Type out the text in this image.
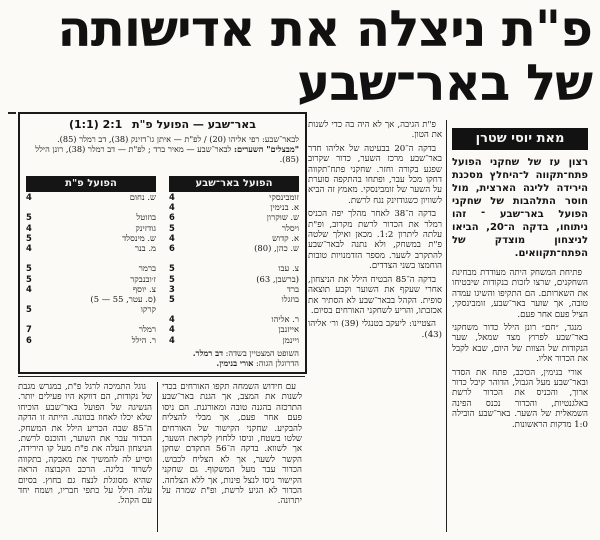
פ"ת ניצלה את אדישותה
של באר־שבע
מאת יוסי שטרן
רצון עז של שחקני הפועל פתח־תקווה ל־היחלץ מסכנת הירידה לליגה הארצית, מול חוסר התלהבות של שחקני הפועל באר־שבע ־ זהו ניתוחו, בדקה ה־20, הביאו לניצחון מוצדק של הפתח־תקוואים.

פתיחת המשחק היתה מעודדת מבחינת השחקנים, שרצו לזכות בנקודות שיבטיחו את השארותם. הם התקיפו והשיגו עמדה טובה, אך שוער באר־שבע, זומבינסקי, הציל פעם אחר פעם.

מנגד, ״חם״ רונן הילל כדור משחקני באר־שבע לפרוץ מצד שמאל, שער הנקודות של הצוות של היום, שבא לקבל את הכדור אליו.

אורי בנימין, הכוכב, פתח את הסדר ובאר־שבע מעל הגבול, הדוהר קיבל כדור ארוך, והכניס את הכדור לרשת באלגנטיות, והכדור נכנס הפינה השמאלית של השער. באר־שבע הובילה 1:0 מדקות הראשונות.

פ"ת הגיבה, אך לא היה בה כדי לשנות את הטון.

בדקה ה־20 בבעיטה של אליהו חדר באר־שבע מרכז השער, כדור שקרוב שפגע בקורה וחזר. שחקני פתח־תקווה דחקו מכל עבר, ופתחו בהתקפה סוערת על השער של זומבינסקי. מאמץ זה הביא לשוויון כשגודזינק נגח לרשת.

בדקה ה־38 לאחר מהלך יפה הכניס רמלר את הכדור לרשת מקרוב, ופ"ת עלתה ליתרון 1:2. מכאן ואילך שלטה פ"ת במשחק, ולא נתנה לבאר־שבע להתקרב לשער. מספר הזדמנויות טובות הוחמצו בשני הצדדים.

בדקה ה־85 הבטיח הילל את הניצחון, אחרי שעקף את השוער וקבע תוצאה סופית. הקהל בבאר־שבע לא הסתיר את אכזבתו, והריע לשחקני האורחים בסיום.

הצטיינו: ליעקב בטנגלי (39) ור׳ אליהו (43).

באר־שבע — הפועל פ"ת 2:1 (1:1)
לבאר־שבע: רפי אליהו (20) / לפ"ת — איתן גו־דזינק (38), דב רמלר (85).
"מבצלים" השערים: לבאר־שבע — מאיר ברד ; לפ"ת — דב רמלר (38), רונן הילל (85).
הפועל באר־שבע
זומבינסקי
4
א. בנימין
4
ש. שוקרון
6
ויסלר
5
א. קדוש
4
ש. כהן, (80)
6
צ. עבו
5
(ברשבן, 63)
5
ברד
3
בוזגלו
5
ר. אליהו
4
אייזנבן
4
ויינמן
4
הפועל פ"ת
ש. נחום
4
בוזוטל
5
גודזינק
4
ש. מינסלד
5
מ. בנר
4
ברמר
5
ז׳ובנבקר
5
צ. יוסף
4
(ס. עטר, 55 — 5)
קרקו
5
רמלר
7
ר. הילל
6
השופט המצטיין בשדה: דב רמלר.
הדרוגלן הגוה: אורי בנימין.

עם חידוש השמחה תקפו האורחים בכדי לשנות את המצב, אך הגנת באר־שבע התרכזה בהגנה טובה ומאורגנת. הם ניסו פעם אחר פעם, אך מבלי להצליח להבקיע. שחקני הקישור של האורחים שלטו בשטח, וניסו ללחוץ לקראת השער, אך לשווא. בדקה ה־56 התקדם שחקן הקשר לשער, אך לא הצליח לכבוש. הכדור עבר מעל המשקוף. גם שחקני הקישור ניסו לנצל פינות, אך ללא הצלחה. הכדור לא הגיע לרשת, ופ"ת שמרה על יתרונה.

גוגל התמיכה לרגל פ"ת, במגרש מגבת של נקודות, הם דווקא היו פעילים יותר. הנשיגה של הפועל באר־שבע הוכיחו שלא יכלו לאחוז בכוונה. הייתה זו הדקה ה־85 שבה הכריע הילל את המשחק. הכדור עבר את השוער, והוכנס לרשת. הניצחון העלה את פ"ת מעל קו הירידה, וסייע לה להמשיך את מאבקה, בתקווה לשרוד בליגה. הרכב הקבוצה הראה שהיא מסוגלת לנצח גם בחוץ. בסיום עלה הילל על כתפי חבריו, ושמח יחד עם הקהל.
